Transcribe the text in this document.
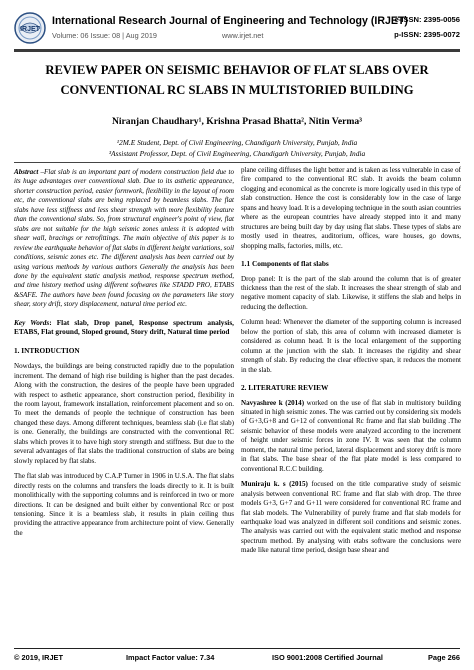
IRJET
International Research Journal of Engineering and Technology (IRJET)
e-ISSN: 2395-0056
Volume: 06 Issue: 08 | Aug 2019	www.irjet.net	p-ISSN: 2395-0072
REVIEW PAPER ON SEISMIC BEHAVIOR OF FLAT SLABS OVER
CONVENTIONAL RC SLABS IN MULTISTORIED BUILDING
Niranjan Chaudhary¹, Krishna Prasad Bhatta², Nitin Verma³
¹2M.E Student, Dept. of Civil Engineering, Chandigarh University, Punjab, India
³Assistant Professor, Dept. of Civil Engineering, Chandigarh University, Punjab, India

Abstract –Flat slab is an important part of modern construction field due to its huge advantages over conventional slab. Due to its asthetic appearance, shorter construction period, easier formwork, flexibility in the layout of room etc, the conventional slabs are being replaced by beamless slabs. The flat slabs have less stiffness and less shear strength with more flexibility feature than the conventional slabs. So, from structural engineer's point of view, flat slabs are not suitable for the high seismic zones unless it is adopted with shear wall, bracings or retrofittings. The main objective of this paper is to review the earthquake behavior of flat slabs in different height variations, soil conditions, seismic zones etc. The different analysis has been carried out by using various methods by various authors Generally the analysis has been done by the equivalent static analysis method, response spectrum method, and time history method using different softwares like STADD PRO, ETABS &SAFE. The authors have been found focusing on the parameters like story shear, story drift, story displacement, natural time period etc.

Key Words: Flat slab, Drop panel, Response spectrum analysis, ETABS, Flat ground, Sloped ground, Story drift, Natural time period

1. INTRODUCTION

Nowdays, the buildings are being constructed rapidly due to the population increment. The demand of high rise building is higher than the past decades. Along with the construction, the desires of the people have been upgraded with respect to asthetic appearance, short construction period, flexibility in the room layout, framework installation, reinforcement placement and so on. To meet the demands of people the technique of construction has been changed these days. Among different techniques, beamless slab (i.e flat slab) is one. Generally, the buildings are constructed with the conventional RC slabs which proves it to have high story strength and stiffness. But due to the several advantages of flat slabs the traditional construction of slabs are being slowly replaced by flat slabs.

The flat slab was introduced by C.A.P Turner in 1906 in U.S.A. The flat slabs directly rests on the columns and transfers the loads directly to it. It is built monolithically with the supporting columns and is reinforced in two or more directions. It can be designed and built either by conventional Rcc or post tensioning. Since it is a beamless slab, it results in plain ceiling thus providing the attractive appearance from architecture point of view. Generally the

plane ceiling diffuses the light better and is taken as less vulnerable in case of fire compared to the conventional RC slab. It avoids the beam column clogging and economical as the concrete is more logically used in this type of slab construction. Hence the cost is considerably low in the case of large spans and heavy load. It is a developing technique in the south asian countries where as the european countries have already stepped into it and many structures are being built day by day using flat slabs. These types of slabs are mostly used in theatres, auditorium, offices, ware houses, go downs, shopping malls, factories, mills, etc.

1.1 Components of flat slabs

Drop panel: It is the part of the slab around the column that is of greater thickness than the rest of the slab. It increases the shear strength of slab and negative moment capacity of slab. Likewise, it stiffens the slab and helps in reducing the deflection.

Column head: Whenever the diameter of the supporting column is increased below the portion of slab, this area of column with increased diameter is considered as column head. It is the local enlargement of the supporting column at the junction with the slab. It increases the rigidity and shear strength of slab. By reducing the clear effective span, it reduces the moment in the slab.

2. LITERATURE REVIEW

Navyashree k (2014) worked on the use of flat slab in multistory building situated in high seismic zones. The was carried out by considering six models of G+3,G+8 and G+12 of conventional Rc frame and flat slab building .The seismic behavior of these models were analyzed according to the increment of height under seismic forces in zone IV. It was seen that the column moment, the natural time period, lateral displacement and storey drift is more in flat slabs. The base shear of the flat plate model is less compared to conventional R.C.C building.

Muniraju k. s (2015) focused on the title comparative study of seismic analysis between conventional RC frame and flat slab with drop. The three models G+3, G+7 and G+11 were considered for conventional RC frame and flat slab models. The Vulnerability of purely frame and flat slab models for earthquake load was analyzed in different soil conditions and seismic zones. The analysis was carried out with the equivalent static method and response spectrum method. By analysing with etabs software the conclusions were made like natural time period, design base shear and

© 2019, IRJET	Impact Factor value: 7.34	ISO 9001:2008 Certified Journal	Page 266
